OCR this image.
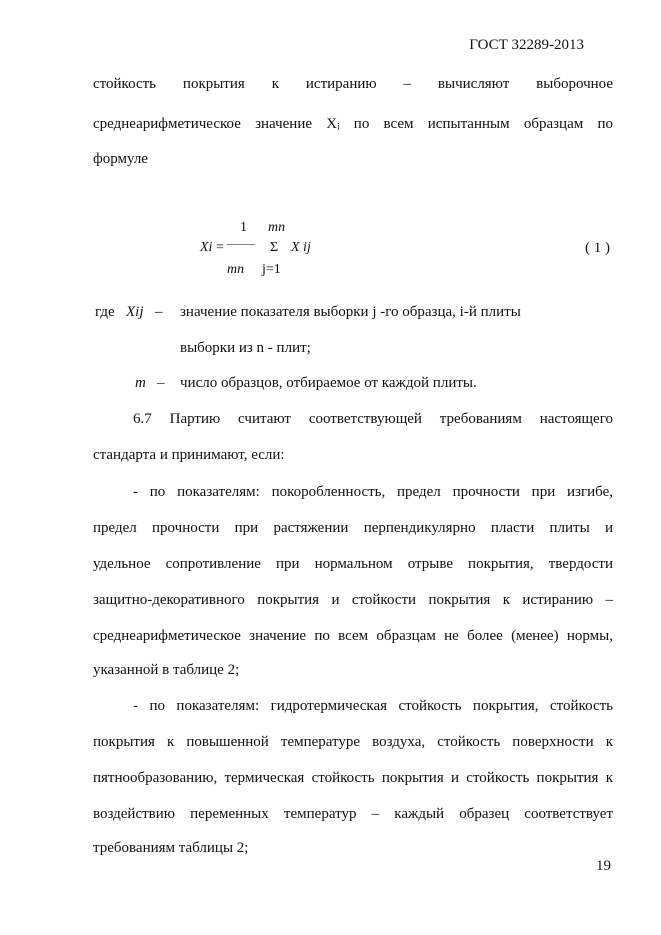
ГОСТ 32289-2013
стойкость покрытия к истиранию – вычисляют выборочное
среднеарифметическое значение Xᵢ по всем испытанным образцам по
формуле
1 mn
Xi = ——— Σ X ij
mn j=1
( 1 )
где Xij – значение показателя выборки j -го образца, i-й плиты
выборки из n - плит;
m – число образцов, отбираемое от каждой плиты.
6.7 Партию считают соответствующей требованиям настоящего
стандарта и принимают, если:
- по показателям: покоробленность, предел прочности при изгибе,
предел прочности при растяжении перпендикулярно пласти плиты и
удельное сопротивление при нормальном отрыве покрытия, твердости
защитно-декоративного покрытия и стойкости покрытия к истиранию –
среднеарифметическое значение по всем образцам не более (менее) нормы,
указанной в таблице 2;
- по показателям: гидротермическая стойкость покрытия, стойкость
покрытия к повышенной температуре воздуха, стойкость поверхности к
пятнообразованию, термическая стойкость покрытия и стойкость покрытия к
воздействию переменных температур – каждый образец соответствует
требованиям таблицы 2;
19
